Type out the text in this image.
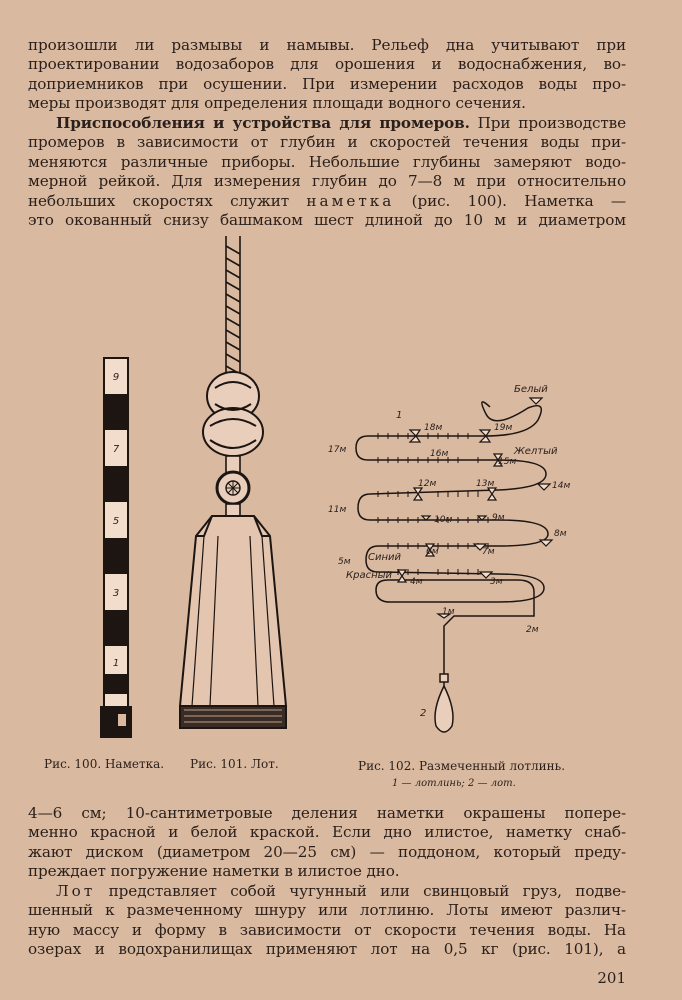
произошли ли размывы и намывы. Рельеф дна учитывают при
проектировании водозаборов для орошения и водоснабжения, во-
доприемников при осушении. При измерении расходов воды про-
меры производят для определения площади водного сечения.
Приспособления и устройства для промеров. При производстве
промеров в зависимости от глубин и скоростей течения воды при-
меняются различные приборы. Небольшие глубины замеряют водо-
мерной рейкой. Для измерения глубин до 7—8 м при относительно
небольших скоростях служит наметка (рис. 100). Наметка —
это окованный снизу башмаком шест длиной до 10 м и диаметром
9
7
5
3
1
Белый
Желтый
Синий
Красный
1
2
19м
18м
17м	16м
15м
14м
13м
12м
11м
10м	9м
8м
7м
6м
5м
4м	3м
2м
1м
Рис. 100. Наметка. Рис. 101. Лот.	Рис. 102. Размеченный лотлинь.
1 — лотлинь; 2 — лот.
4—6 см; 10-сантиметровые деления наметки окрашены попере-
менно красной и белой краской. Если дно илистое, наметку снаб-
жают диском (диаметром 20—25 см) — поддоном, который преду-
преждает погружение наметки в илистое дно.
Лот представляет собой чугунный или свинцовый груз, подве-
шенный к размеченному шнуру или лотлиню. Лоты имеют различ-
ную массу и форму в зависимости от скорости течения воды. На
озерах и водохранилищах применяют лот на 0,5 кг (рис. 101), а
201
